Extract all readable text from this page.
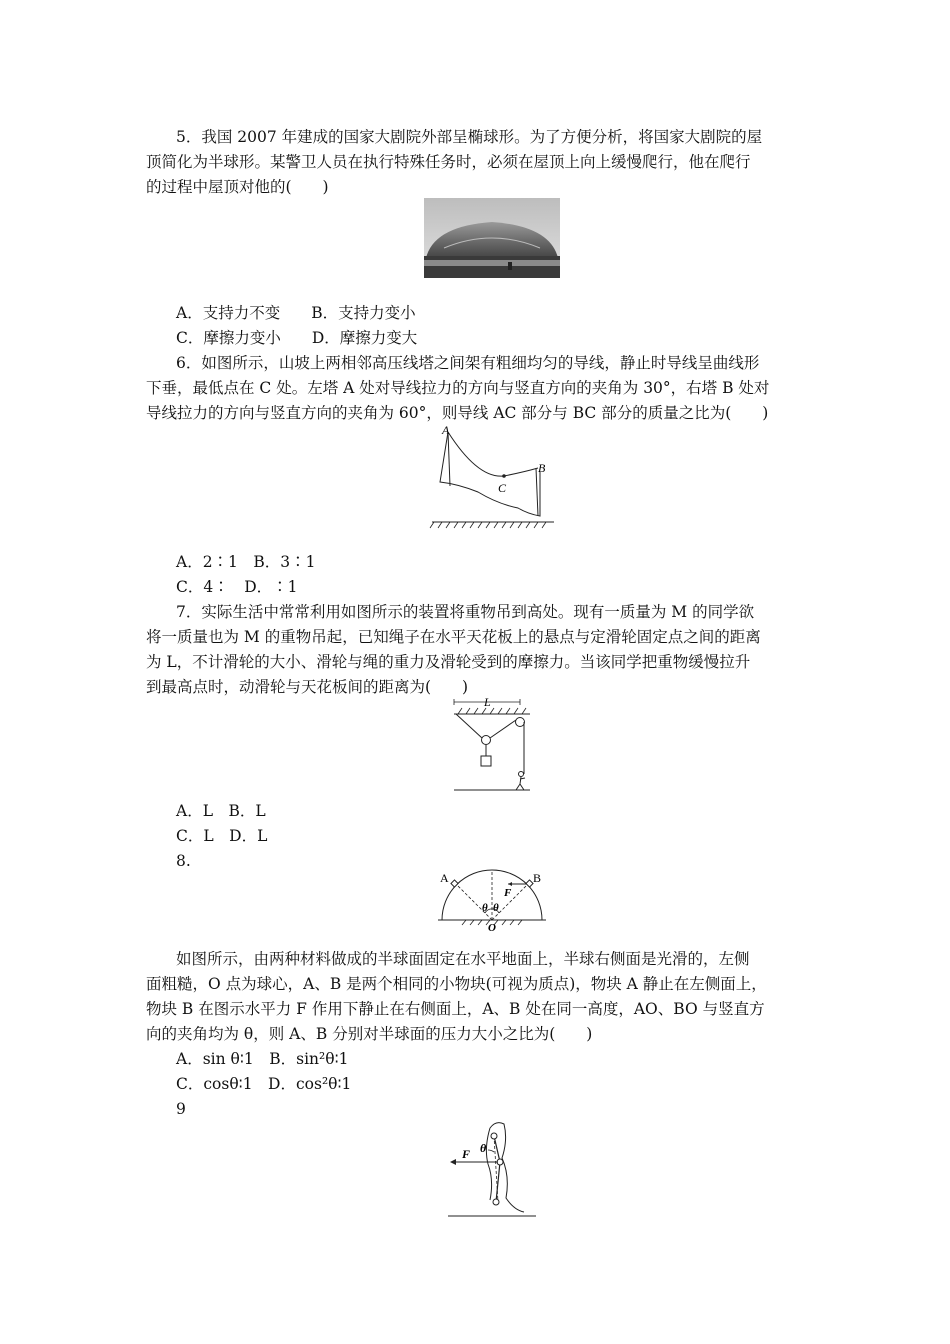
5．我国 2007 年建成的国家大剧院外部呈椭球形。为了方便分析，将国家大剧院的屋
顶简化为半球形。某警卫人员在执行特殊任务时，必须在屋顶上向上缓慢爬行，他在爬行
的过程中屋顶对他的(　　)
A．支持力不变　　B．支持力变小
C．摩擦力变小　　D．摩擦力变大
6．如图所示，山坡上两相邻高压线塔之间架有粗细均匀的导线，静止时导线呈曲线形
下垂，最低点在 C 处。左塔 A 处对导线拉力的方向与竖直方向的夹角为 30°，右塔 B 处对
导线拉力的方向与竖直方向的夹角为 60°，则导线 AC 部分与 BC 部分的质量之比为(　　)
A
B
C
A．2∶1　B．3∶1
C．4∶　D．∶1
7．实际生活中常常利用如图所示的装置将重物吊到高处。现有一质量为 M 的同学欲
将一质量也为 M 的重物吊起，已知绳子在水平天花板上的悬点与定滑轮固定点之间的距离
为 L，不计滑轮的大小、滑轮与绳的重力及滑轮受到的摩擦力。当该同学把重物缓慢拉升
到最高点时，动滑轮与天花板间的距离为(　　)
L
A．L　B．L
C．L　D．L
8.
A	B
F
θ θ
O
如图所示，由两种材料做成的半球面固定在水平地面上，半球右侧面是光滑的，左侧
面粗糙，O 点为球心，A、B 是两个相同的小物块(可视为质点)，物块 A 静止在左侧面上，
物块 B 在图示水平力 F 作用下静止在右侧面上，A、B 处在同一高度，AO、BO 与竖直方
向的夹角均为 θ，则 A、B 分别对半球面的压力大小之比为(　　)
A．sin θ∶1　B．sin²θ∶1
C．cosθ∶1　D．cos²θ∶1
9
F θ
